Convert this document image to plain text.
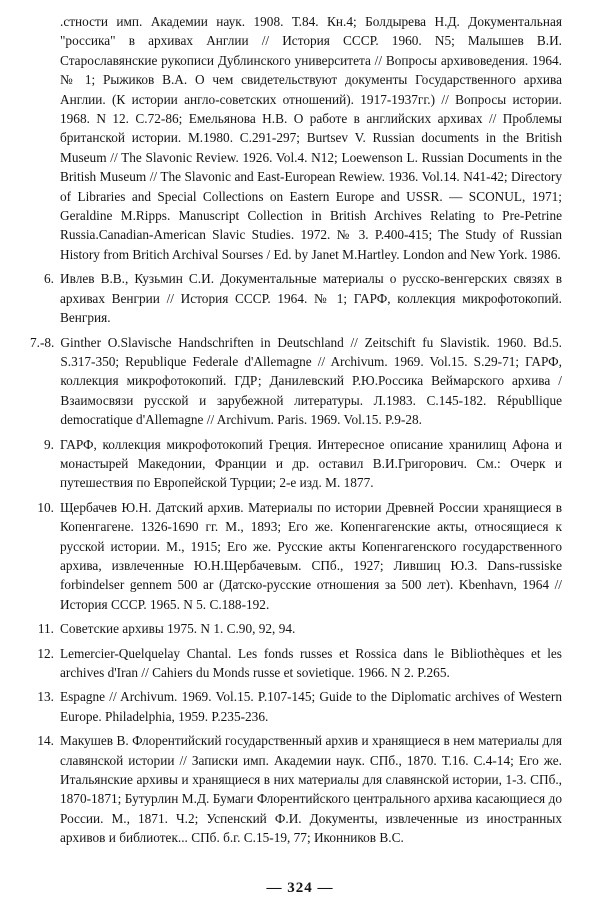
.стности имп. Академии наук. 1908. Т.84. Кн.4; Болдырева Н.Д. Документальная "россика" в архивах Англии // История СССР. 1960. N5; Малышев В.И. Старославянские рукописи Дублинского университета // Вопросы архивоведения. 1964. № 1; Рыжиков В.А. О чем свидетельствуют документы Государственного архива Англии. (К истории англо-советских отношений). 1917-1937гг.) // Вопросы истории. 1968. N 12. С.72-86; Емельянова Н.В. О работе в английских архивах // Проблемы британской истории. М.1980. С.291-297; Burtsev V. Russian documents in the British Museum // The Slavonic Review. 1926. Vol.4. N12; Loewenson L. Russian Documents in the British Museum // The Slavonic and East-European Rewiew. 1936. Vol.14. N41-42; Directory of Libraries and Special Collections on Eastern Europe and USSR. — SCONUL, 1971; Geraldine M.Ripps. Manuscript Collection in British Archives Relating to Pre-Petrine Russia.Canadian-American Slavic Studies. 1972. № 3. P.400-415; The Study of Russian History from Britich Archival Sourses / Ed. by Janet M.Hartley. London and New York. 1986.
6. Ивлев В.В., Кузьмин С.И. Документальные материалы о русско-венгерских связях в архивах Венгрии // История СССР. 1964. № 1; ГАРФ, коллекция микрофотокопий. Венгрия.
7.-8. Ginther O.Slavische Handschriften in Deutschland // Zeitschift fu Slavistik. 1960. Bd.5. S.317-350; Republique Federale d'Allemagne // Archivum. 1969. Vol.15. S.29-71; ГАРФ, коллекция микрофотокопий. ГДР; Данилевский Р.Ю.Россика Веймарского архива / Взаимосвязи русской и зарубежной литературы. Л.1983. С.145-182. Républlique democratique d'Allemagne // Archivum. Paris. 1969. Vol.15. P.9-28.
9. ГАРФ, коллекция микрофотокопий Греция. Интересное описание хранилищ Афона и монастырей Македонии, Франции и др. оставил В.И.Григорович. См.: Очерк и путешествия по Европейской Турции; 2-е изд. М. 1877.
10. Щербачев Ю.Н. Датский архив. Материалы по истории Древней России хранящиеся в Копенгагене. 1326-1690 гг. М., 1893; Его же. Копенгагенские акты, относящиеся к русской истории. М., 1915; Его же. Русские акты Копенгагенского государственного архива, извлеченные Ю.Н.Щербачевым. СПб., 1927; Лившиц Ю.З. Dans-russiske forbindelser gennem 500 ar (Датско-русские отношения за 500 лет). Kbenhavn, 1964 // История СССР. 1965. N 5. С.188-192.
11. Советские архивы 1975. N 1. С.90, 92, 94.
12. Lemercier-Quelquelay Chantal. Les fonds russes et Rossica dans le Bibliothèques et les archives d'Iran // Cahiers du Monds russe et sovietique. 1966. N 2. P.265.
13. Espagne // Archivum. 1969. Vol.15. P.107-145; Guide to the Diplomatic archives of Western Europe. Philadelphia, 1959. P.235-236.
14. Макушев В. Флорентийский государственный архив и хранящиеся в нем материалы для славянской истории // Записки имп. Академии наук. СПб., 1870. Т.16. С.4-14; Его же. Итальянские архивы и хранящиеся в них материалы для славянской истории, 1-3. СПб., 1870-1871; Бутурлин М.Д. Бумаги Флорентийского центрального архива касающиеся до России. М., 1871. Ч.2; Успенский Ф.И. Документы, извлеченные из иностранных архивов и библиотек... СПб. б.г. С.15-19, 77; Иконников В.С.
— 324 —
